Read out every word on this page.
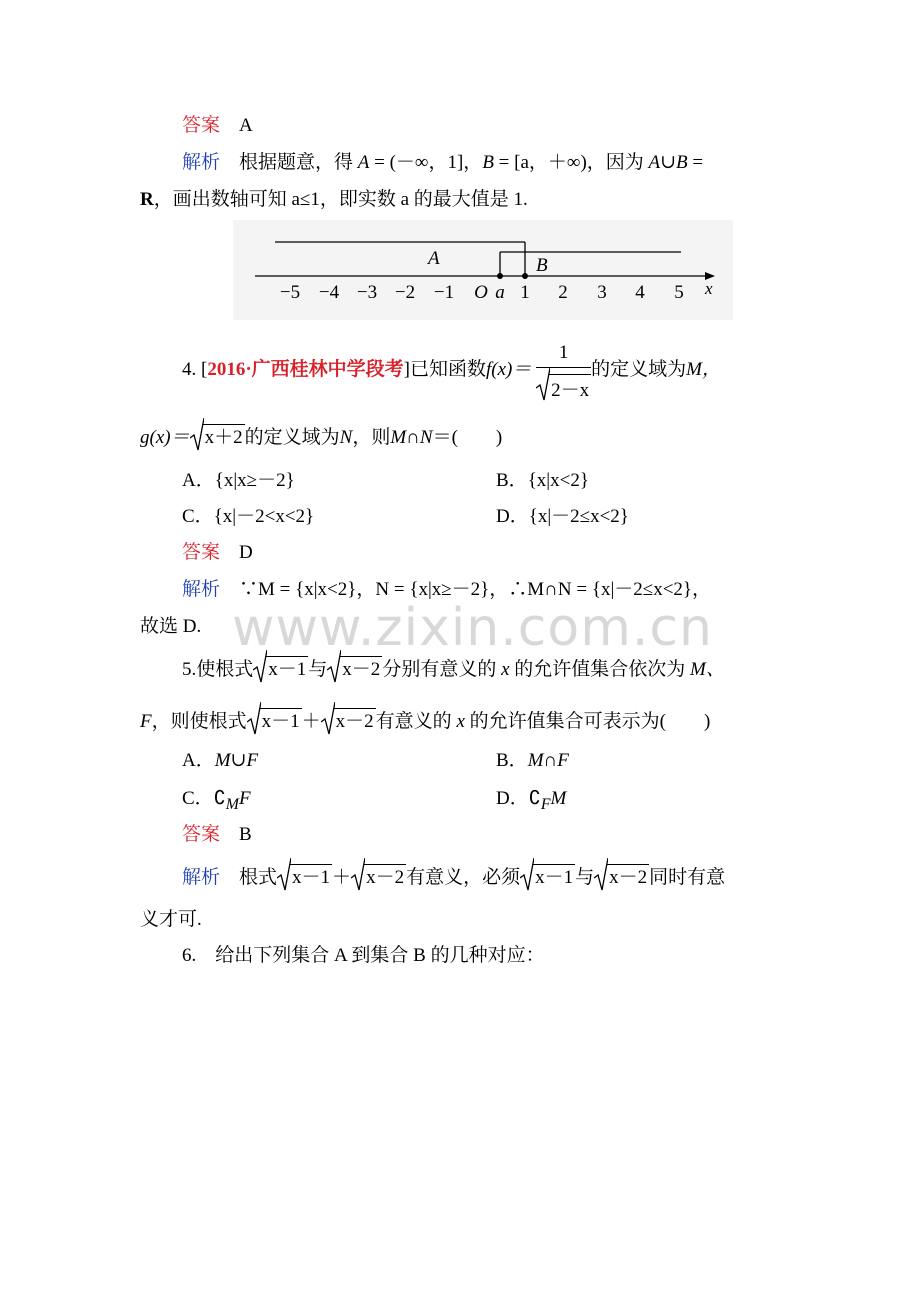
答案 A
解析 根据题意，得 A = (－∞，1]，B = [a，＋∞)，因为 A∪B =
R，画出数轴可知 a≤1，即实数 a 的最大值是 1.
A	B
−5 −4 −3 −2 −1 O a 1 2 3 4 5 x
4. [2016·广西桂林中学段考]已知函数$f(x)= \frac{1}{2-x}$ 的定义域为M，
g(x)＝ x＋2 的定义域为N，则M∩N＝(　　)
A．{x|x≥－2}	B．{x|x<2}
C．{x|－2<x<2}	D．{x|－2≤x<2}
答案 D
解析 ∵M = {x|x<2}，N = {x|x≥－2}，∴M∩N = {x|－2≤x<2}，
故选 D. www.zixin.com.cn
5.使根式 x－1 与 x－2 分别有意义的 x 的允许值集合依次为 M、
F，则使根式 x－1 ＋ x－2 有意义的 x 的允许值集合可表示为(　　)
A．M∪F	B．M∩F
C．$∁_MF$	D．$∁_FM$
答案 B
解析 根式 x－1 ＋ x－2 有意义，必须 x－1 与 x－2 同时有意
义才可.
6.　给出下列集合 A 到集合 B 的几种对应：
